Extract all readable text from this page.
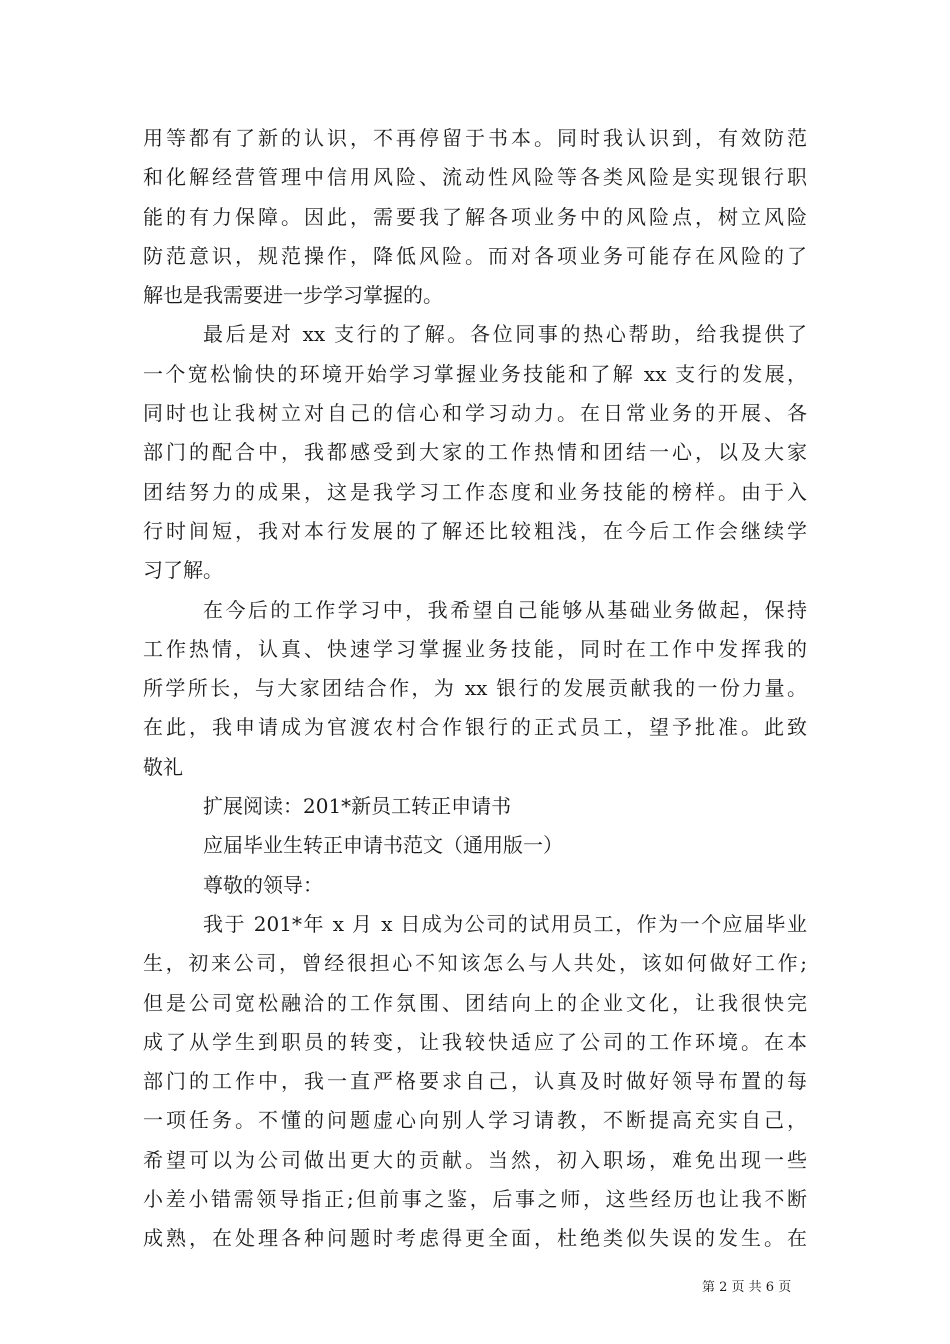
用等都有了新的认识，不再停留于书本。同时我认识到，有效防范
和化解经营管理中信用风险、流动性风险等各类风险是实现银行职
能的有力保障。因此，需要我了解各项业务中的风险点，树立风险
防范意识，规范操作，降低风险。而对各项业务可能存在风险的了
解也是我需要进一步学习掌握的。
最后是对 xx 支行的了解。各位同事的热心帮助，给我提供了
一个宽松愉快的环境开始学习掌握业务技能和了解 xx 支行的发展，
同时也让我树立对自己的信心和学习动力。在日常业务的开展、各
部门的配合中，我都感受到大家的工作热情和团结一心，以及大家
团结努力的成果，这是我学习工作态度和业务技能的榜样。由于入
行时间短，我对本行发展的了解还比较粗浅，在今后工作会继续学
习了解。
在今后的工作学习中，我希望自己能够从基础业务做起，保持
工作热情，认真、快速学习掌握业务技能，同时在工作中发挥我的
所学所长，与大家团结合作，为 xx 银行的发展贡献我的一份力量。
在此，我申请成为官渡农村合作银行的正式员工，望予批准。此致
敬礼
扩展阅读：201*新员工转正申请书
应届毕业生转正申请书范文（通用版一）
尊敬的领导：
我于 201*年 x 月 x 日成为公司的试用员工，作为一个应届毕业
生，初来公司，曾经很担心不知该怎么与人共处，该如何做好工作;
但是公司宽松融洽的工作氛围、团结向上的企业文化，让我很快完
成了从学生到职员的转变，让我较快适应了公司的工作环境。在本
部门的工作中，我一直严格要求自己，认真及时做好领导布置的每
一项任务。不懂的问题虚心向别人学习请教，不断提高充实自己，
希望可以为公司做出更大的贡献。当然，初入职场，难免出现一些
小差小错需领导指正;但前事之鉴，后事之师，这些经历也让我不断
成熟，在处理各种问题时考虑得更全面，杜绝类似失误的发生。在
第 2 页 共 6 页
